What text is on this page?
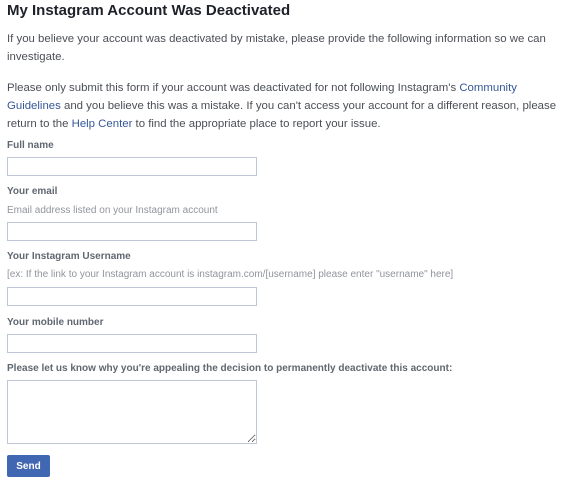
My Instagram Account Was Deactivated

If you believe your account was deactivated by mistake, please provide the following information so we can investigate.

Please only submit this form if your account was deactivated for not following Instagram's Community Guidelines and you believe this was a mistake. If you can't access your account for a different reason, please return to the Help Center to find the appropriate place to report your issue.

Full name
Your email
Email address listed on your Instagram account
Your Instagram Username
[ex: If the link to your Instagram account is instagram.com/[username] please enter "username" here]
Your mobile number
Please let us know why you're appealing the decision to permanently deactivate this account:
Send
